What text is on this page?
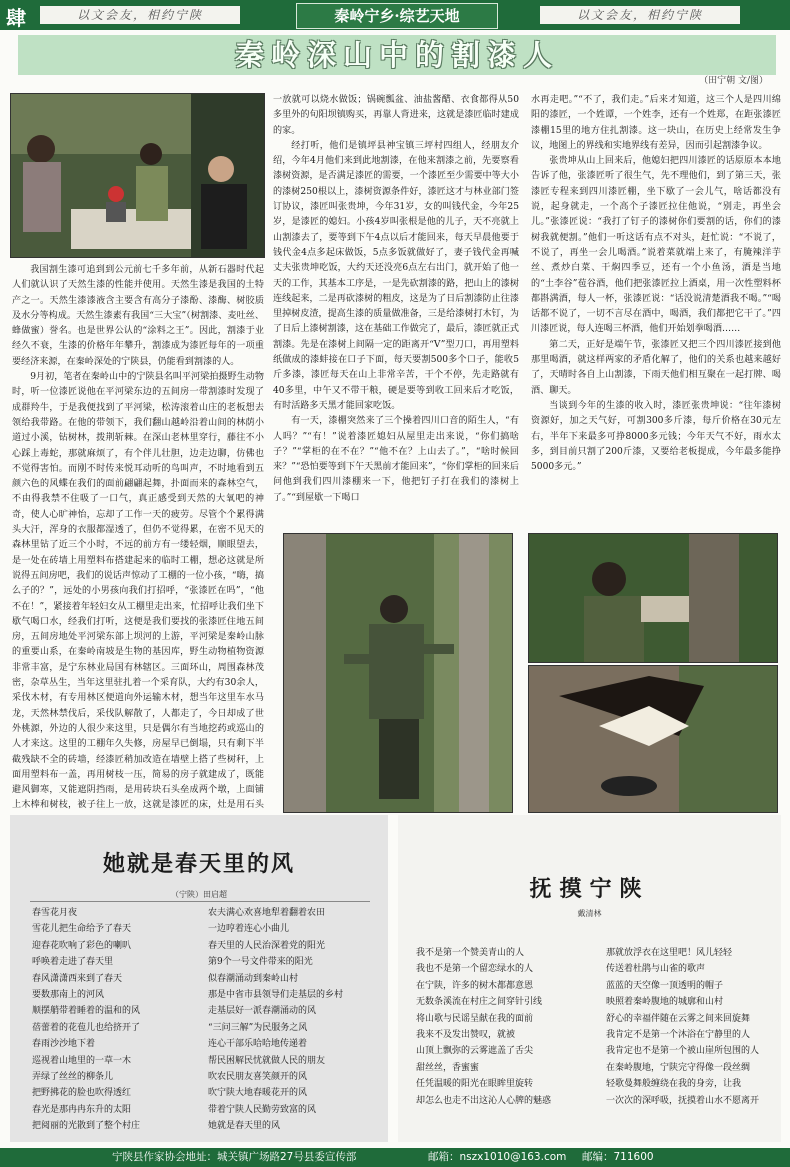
肆	以文会友，相约宁陕	秦岭宁乡·综艺天地	以文会友，相约宁陕
秦岭深山中的割漆人
（田宁朝 文/图）

我国割生漆可追到到公元前七千多年前，从新石器时代起人们就认识了天然生漆的性能并使用。天然生漆是我国的土特产之一。天然生漆漆液含主要含有高分子漆酚、漆酶、树胶质及水分等构成。天然生漆素有我国“三大宝”（树割漆、麦吐丝、蜂做蜜）誉名。也是世界公认的“涂料之王”。因此，割漆于业经久不衰，生漆的价格年年攀升，割漆成为漆匠每年的一项重要经济来源，在秦岭深处的宁陕县，仍能看到割漆的人。

9月初，笔者在秦岭山中的宁陕县名叫平河梁拍摄野生动物时，听一位漆匠说他在平河梁东边的五间房一带割漆时发现了成群羚牛，于是我便找到了平河梁，松涛滚着山庄的老板想去领给我带路。在他的带领下，我们翻山越岭沿着山间的林荫小道过小溪，钻树林，拨荆斩棘。在深山老林里穿行，藤往不小心踩上毒蛇，那就麻烦了，有个伴儿壮胆，边走边聊，仿佛也不觉得害怕。而刚不时传来悦耳动听的鸟叫声，不时地看到五颜六色的风蝶在我们的面前翩翩起舞，扑面而来的森林空气，不由得我禁不住吸了一口气，真正感受到天然的大氧吧的神奇，使人心旷神怡，忘却了工作一天的疲劳。尽管个个累得满头大汗，浑身的衣服都湿透了，但仍不觉得累，在密不见天的森林里钻了近三个小时，不远的前方有一缕轻烟，顺眼望去，是一处在砖墙上用塑料布搭建起来的临时工棚，想必这就是所说得五间房吧，我们的说话声惊动了工棚的一位小孩，“嗨，搞么子的？”，远处的小男孩向我们打招呼，“张漆匠在吗”，“他不在！”，紧接着年轻妇女从工棚里走出来，忙招呼让我们坐下歇气喝口水，经我们打听，这便是我们要找的张漆匠住地五间房，五间房地处平河梁东部上坝河的上游，平河梁是秦岭山脉的重要山系，在秦岭南坡是生物的基因库，野生动物植物资源非常丰富，是宁东林业局国有林辖区。三面环山，周围森林茂密，杂草丛生，当年这里驻扎着一个采育队，大约有30余人，采伐木材，有专用林区便道向外运输木材，想当年这里车水马龙，天然林禁伐后，采伐队解散了，人都走了，今日却成了世外桃源，外边的人很少来这里，只是偶尔有当地挖药或巡山的人才来这。这里的工棚年久失修，房屋早已倒塌，只有剩下半截残缺不全的砖墙，经漆匠稍加改造在墙壁上搭了些树秆，上面用塑料布一盖，再用树枝一压，简易的房子就建成了，既能避风御寒，又能遮阴挡雨，是用砖块石头垒成两个墩，上面铺上木棒和树枝，被子往上一放，这就是漆匠的床，灶是用石头

一放就可以烧水做饭；锅碗瓢盆、油盐酱醋、衣食都得从50多里外的旬阳坝镇购买，再靠人背进来，这就是漆匠临时建成的家。

经打听，他们是镇坪县神宝镇三坪村四组人，经朋友介绍，今年4月他们来到此地割漆，在他来割漆之前，先要察看漆树资源，是否满足漆匠的需要，一个漆匠至少需要中等大小的漆树250根以上，漆树资源条件好，漆匠这才与林业部门签订协议，漆匠叫张贵坤，今年31岁，女的叫钱代金，今年25岁，是漆匠的媳妇。小孩4岁叫张根是他的儿子，天不亮就上山割漆去了，要等到下午4点以后才能回来，每天早晨他要于钱代金4点多起床做饭，5点多饭就做好了，妻子钱代金再喊丈夫张贵坤吃饭，大约天还没亮6点左右出门，就开始了他一天的工作，其基本工序是，一是先砍割漆的路，把山上的漆树连线起来，二是再砍漆树的粗皮，这是为了日后割漆防止往漆里掉树皮渣，提高生漆的质量做准备，三是给漆树打木钉，为了日后上漆树割漆，这在基础工作做完了，最后，漆匠就正式割漆。先是在漆树上间隔一定的距离开“V”型刀口，再用塑料纸做成的漆蚌接在口子下面，每天要割500多个口子，能收5斤多漆，漆匠每天在山上非常辛苦，干个不停，先走路就有40多里，中午又不带干粮，硬是要等到收工回来后才吃饭，有时活路多天黑才能回家吃饭。

有一天，漆棚突然来了三个操着四川口音的陌生人，“有人吗？”“有！”说着漆匠媳妇从屋里走出来说，“你们搞啥子？”“掌柜的在不在？”“他不在？上山去了。”，“啥时候回来？”“恐怕要等到下午天黑前才能回来”，“你们掌柜的回来后问他到我们四川漆棚来一下，他把钉子打在我们的漆树上了。”“到屋歇一下喝口

水再走吧。”“不了，我们走。”后来才知道，这三个人是四川绵阳的漆匠，一个姓谭，一个姓李，还有一个姓郑，在距张漆匠漆棚15里的地方住扎割漆。这一块山，在历史上经常发生争议，地图上的界线和实地界线有差异，因而引起割漆争议。

张贵坤从山上回来后，他媳妇把四川漆匠的话原原本本地告诉了他，张漆匠听了很生气，先不理他们，到了第三天，张漆匠专程来到四川漆匠棚，坐下歇了一会儿气，啥话都没有说，起身就走，一个高个子漆匠拉住他说，“别走，再坐会儿。”张漆匠说：“我打了钉子的漆树你们要割的话，你们的漆树我就便割。”他们一听这话有点不对头，赶忙说：“不说了，不说了，再坐一会儿喝酒。”说着菜就端上来了，有腌辣洋芋丝、煮炒白菜、干焖四季豆，还有一个小鱼汤，酒是当地的“土李谷”苞谷酒，他们把张漆匠拉上酒桌，用一次性塑料杯都斟满酒，每人一杯，张漆匠说：“话没说清楚酒我不喝。”“喝话都不说了，一切不言尽在酒中，喝酒，我们都把它干了。”四川漆匠说，每人连喝三杯酒，他们开始划拳喝酒……

第二天，正好是端午节，张漆匠又把三个四川漆匠接到他那里喝酒，就这样两家的矛盾化解了，他们的关系也越来越好了，天晴时各自上山割漆，下雨天他们相互聚在一起打牌、喝酒、聊天。

当谈到今年的生漆的收入时，漆匠张贵坤说：“往年漆树资源好，加之天气好，可割300多斤漆，每斤价格在30元左右，半年下来最多可挣8000多元钱；今年天气不好，雨水太多，到目前只割了200斤漆，又要给老板提成，今年最多能挣5000多元。”

她就是春天里的风
（宁陕）田启超
春雪花月夜
雪花儿把生命给予了春天
迎春花吹响了彩色的喇叭
呼唤着走进了春天里
春风潇潇西来到了春天
要数那南上的河风
顺摆艄带着睡着的温和的风
蓓蕾着的花苞儿也给挤开了
春雨沙沙地下着
巡视着山地里的一草一木
弄绿了丝丝的柳条儿
把野拂花的脸也吹得透红
春光是那冉冉东升的太阳
把阅丽的光散到了整个村庄
农夫满心欢喜地犁着翻着农田
一边哼着连心小曲儿
春天里的人民治深着党的阳光
第9个一号文件带来的阳光
似春潮涌动到秦岭山村
那是中省市县领导们走基层的乡村
走基层好一派春潮涌动的风
“三问三解”为民服务之风
连心干部乐哈哈地传递着
帮民困解民忧就做人民的朋友
吹农民朋友喜笑颜开的风
吹宁陕大地春暖花开的风
带着宁陕人民勤劳致富的风
她就是春天里的风
抚摸宁陕
戴清林
我不是第一个赞美青山的人
我也不是第一个留恋绿水的人
在宁陕，许多的树木都都意恩
无数条溪流在村庄之间穿针引线
将山歌与民谣呈献在我的面前
我来不及发出赞叹，就被
山顶上飘弥的云雾遮盖了舌尖
甜丝丝，香蜜蜜
任凭温暖的阳光在眼眸里旋转
却怎么也走不出这沁人心脾的魅惑
那就放浮衣在这里吧！风儿轻轻
传送着杜鹃与山雀的歌声
蓝蓝的天空像一顶透明的帽子
映照着秦岭腹地的城廓和山村
舒心的幸福伴随在云雾之间来回旋舞
我肯定不是第一个沐浴在宁静里的人
我肯定也不是第一个被山崖所包围的人
在秦岭腹地，宁陕完守得像一段丝绸
轻歌曼舞般缠绕在我的身旁，让我
一次次的深呼吸，抚摸着山水不愿离开
宁陕县作家协会地址：城关镇广场路27号县委宣传部	邮箱：nszx1010@163.com 邮编：711600
